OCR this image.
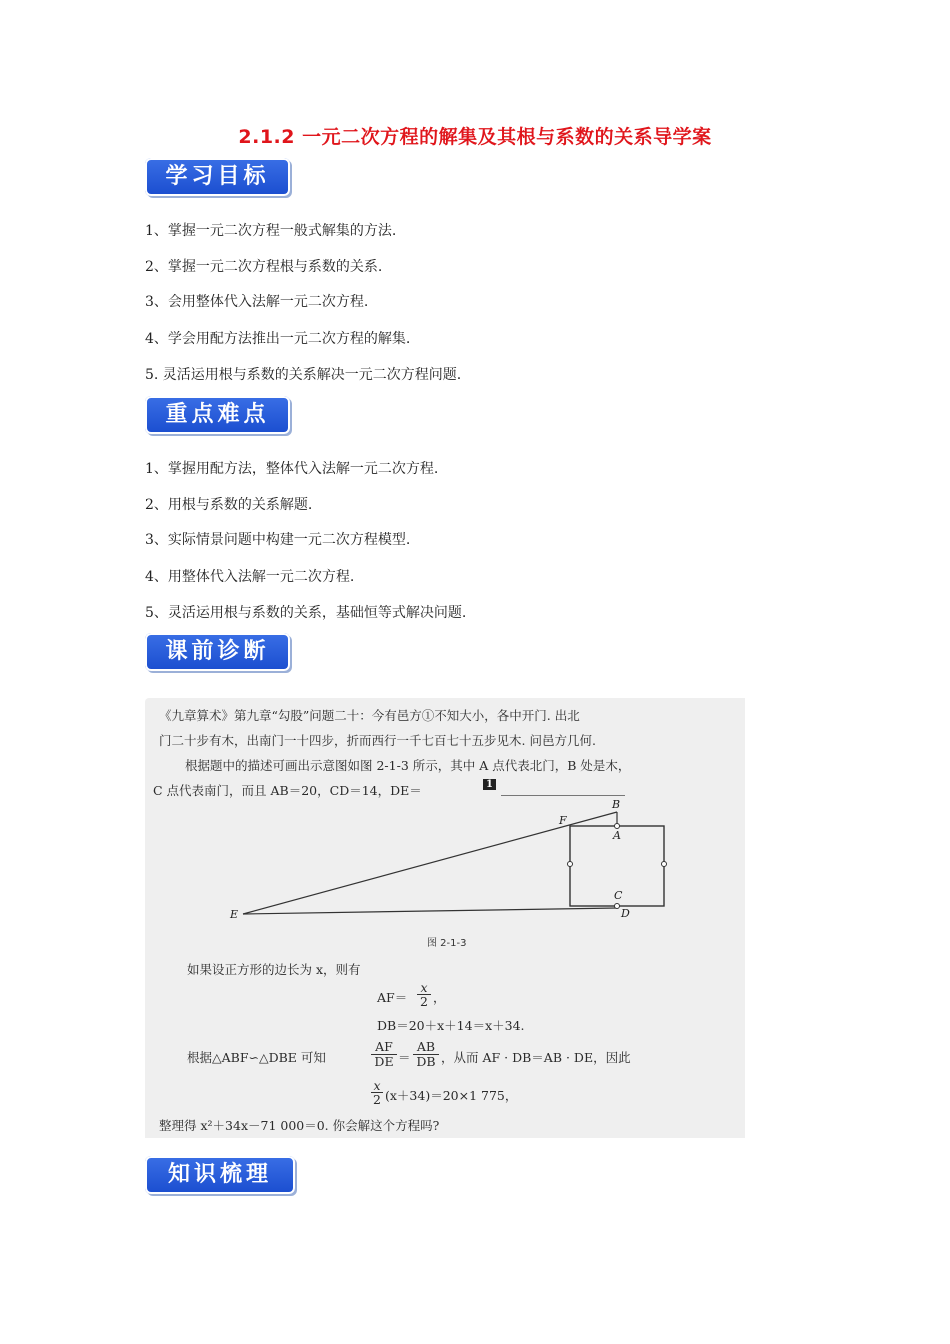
2.1.2 一元二次方程的解集及其根与系数的关系导学案
学习目标
1、掌握一元二次方程一般式解集的方法.
2、掌握一元二次方程根与系数的关系.
3、会用整体代入法解一元二次方程.
4、学会用配方法推出一元二次方程的解集.
5. 灵活运用根与系数的关系解决一元二次方程问题.
重点难点
1、掌握用配方法，整体代入法解一元二次方程.
2、用根与系数的关系解题.
3、实际情景问题中构建一元二次方程模型.
4、用整体代入法解一元二次方程.
5、灵活运用根与系数的关系，基础恒等式解决问题.
课前诊断
《九章算术》第九章“勾股”问题二十：今有邑方①不知大小，各中开门. 出北
门二十步有木，出南门一十四步，折而西行一千七百七十五步见木. 问邑方几何.
根据题中的描述可画出示意图如图 2-1-3 所示，其中 A 点代表北门，B 处是木，
C 点代表南门，而且 AB＝20，CD＝14，DE＝	1
B
F
A
C
D
E
图 2-1-3
如果设正方形的边长为 x，则有
$AF= \frac{x}{2}$ ，
DB＝20＋x＋14＝x＋34.
根据△ABF∽△DBE 可知	$\frac{AF}{DE} = \frac{AB}{DB}$ ，从而 AF · DB＝AB · DE，因此
$\frac{x}{2} (x+34)=20\times 1$ 775，
整理得 x²＋34x－71 000＝0. 你会解这个方程吗?
知识梳理
